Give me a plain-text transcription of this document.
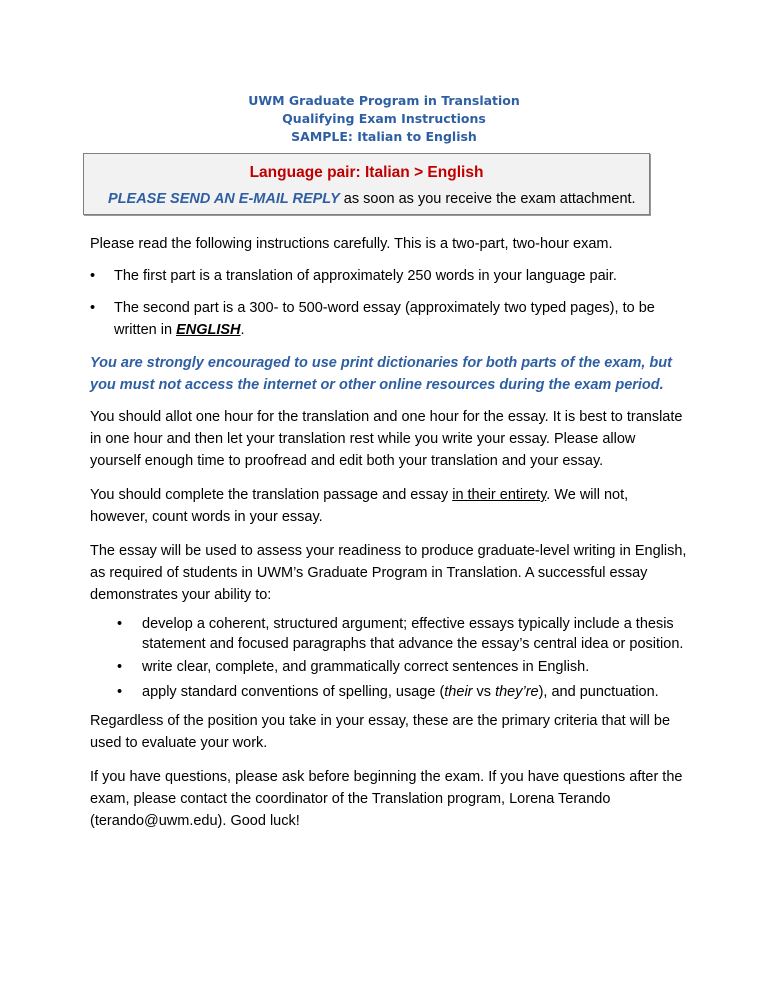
UWM Graduate Program in Translation
Qualifying Exam Instructions
SAMPLE: Italian to English
Language pair: Italian > English
PLEASE SEND AN E-MAIL REPLY as soon as you receive the exam attachment.
Please read the following instructions carefully. This is a two-part, two-hour exam.
• The first part is a translation of approximately 250 words in your language pair.
• The second part is a 300- to 500-word essay (approximately two typed pages), to be written in ENGLISH.
You are strongly encouraged to use print dictionaries for both parts of the exam, but you must not access the internet or other online resources during the exam period.
You should allot one hour for the translation and one hour for the essay. It is best to translate in one hour and then let your translation rest while you write your essay. Please allow yourself enough time to proofread and edit both your translation and your essay.
You should complete the translation passage and essay in their entirety. We will not, however, count words in your essay.
The essay will be used to assess your readiness to produce graduate-level writing in English, as required of students in UWM’s Graduate Program in Translation. A successful essay demonstrates your ability to:
• develop a coherent, structured argument; effective essays typically include a thesis statement and focused paragraphs that advance the essay’s central idea or position.
• write clear, complete, and grammatically correct sentences in English.
• apply standard conventions of spelling, usage (their vs they’re), and punctuation.
Regardless of the position you take in your essay, these are the primary criteria that will be used to evaluate your work.
If you have questions, please ask before beginning the exam. If you have questions after the exam, please contact the coordinator of the Translation program, Lorena Terando (terando@uwm.edu). Good luck!
